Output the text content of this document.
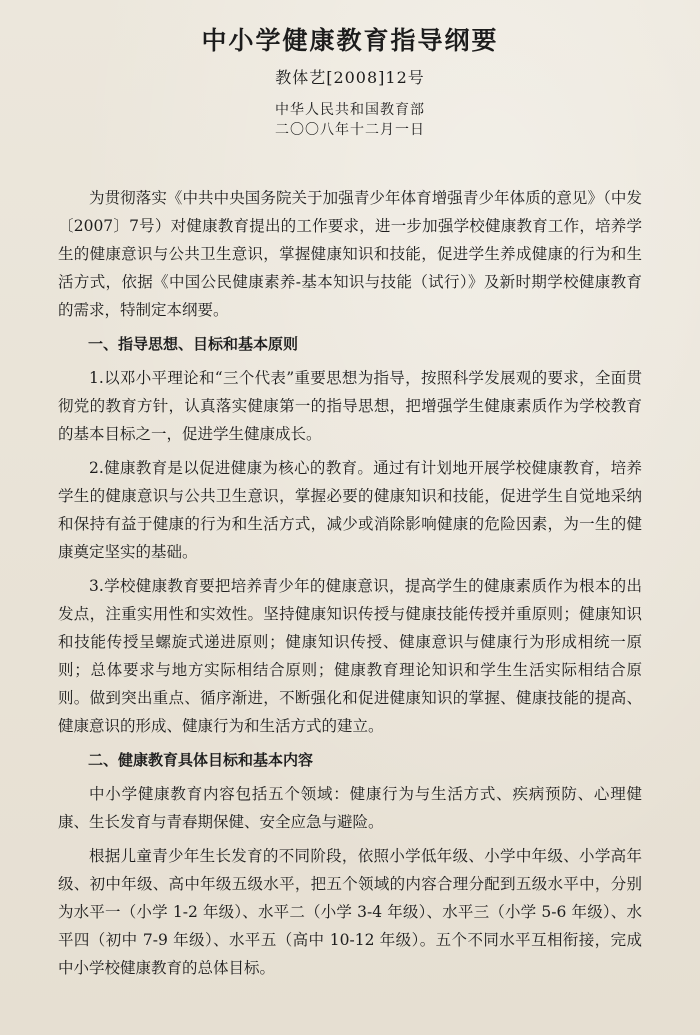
中小学健康教育指导纲要
教体艺[2008]12号
中华人民共和国教育部
二〇〇八年十二月一日

为贯彻落实《中共中央国务院关于加强青少年体育增强青少年体质的意见》（中发〔2007〕7号）对健康教育提出的工作要求，进一步加强学校健康教育工作，培养学生的健康意识与公共卫生意识，掌握健康知识和技能，促进学生养成健康的行为和生活方式，依据《中国公民健康素养-基本知识与技能（试行）》及新时期学校健康教育的需求，特制定本纲要。

一、指导思想、目标和基本原则

1.以邓小平理论和“三个代表”重要思想为指导，按照科学发展观的要求，全面贯彻党的教育方针，认真落实健康第一的指导思想，把增强学生健康素质作为学校教育的基本目标之一，促进学生健康成长。

2.健康教育是以促进健康为核心的教育。通过有计划地开展学校健康教育，培养学生的健康意识与公共卫生意识，掌握必要的健康知识和技能，促进学生自觉地采纳和保持有益于健康的行为和生活方式，减少或消除影响健康的危险因素，为一生的健康奠定坚实的基础。

3.学校健康教育要把培养青少年的健康意识，提高学生的健康素质作为根本的出发点，注重实用性和实效性。坚持健康知识传授与健康技能传授并重原则；健康知识和技能传授呈螺旋式递进原则；健康知识传授、健康意识与健康行为形成相统一原则；总体要求与地方实际相结合原则；健康教育理论知识和学生生活实际相结合原则。做到突出重点、循序渐进，不断强化和促进健康知识的掌握、健康技能的提高、健康意识的形成、健康行为和生活方式的建立。

二、健康教育具体目标和基本内容

中小学健康教育内容包括五个领域：健康行为与生活方式、疾病预防、心理健康、生长发育与青春期保健、安全应急与避险。

根据儿童青少年生长发育的不同阶段，依照小学低年级、小学中年级、小学高年级、初中年级、高中年级五级水平，把五个领域的内容合理分配到五级水平中，分别为水平一（小学 1-2 年级）、水平二（小学 3-4 年级）、水平三（小学 5-6 年级）、水平四（初中 7-9 年级）、水平五（高中 10-12 年级）。五个不同水平互相衔接，完成中小学校健康教育的总体目标。
